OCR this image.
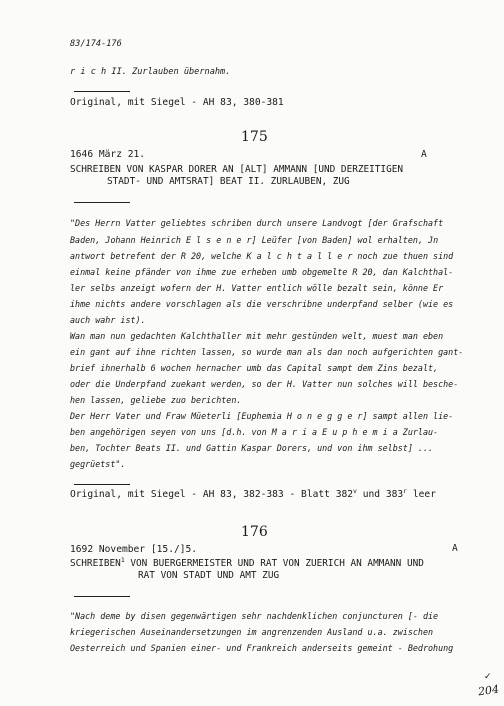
83/174-176
r i c h II. Zurlauben übernahm.
Original, mit Siegel - AH 83, 380-381
175
1646 März 21.	A
SCHREIBEN VON KASPAR DORER AN [ALT] AMMANN [UND DERZEITIGEN
STADT- UND AMTSRAT] BEAT II. ZURLAUBEN, ZUG
"Des Herrn Vatter geliebtes schriben durch unsere Landvogt [der Grafschaft
Baden, Johann Heinrich E l s e n e r] Leüfer [von Baden] wol erhalten, Jn
antwort betrefent der R 20, welche K a l c h t a l l e r noch zue thuen sind
einmal keine pfänder von ihme zue erheben umb obgemelte R 20, dan Kalchthal-
ler selbs anzeigt wofern der H. Vatter entlich wölle bezalt sein, könne Er
ihme nichts andere vorschlagen als die verschribne underpfand selber (wie es
auch wahr ist).
Wan man nun gedachten Kalchthaller mit mehr gestünden welt, muest man eben
ein gant auf ihne richten lassen, so wurde man als dan noch aufgerichten gant-
brief ihnerhalb 6 wochen hernacher umb das Capital sampt dem Zins bezalt,
oder die Underpfand zuekant werden, so der H. Vatter nun solches will besche-
hen lassen, geliebe zuo berichten.
Der Herr Vater und Fraw Müeterli [Euphemia H o n e g g e r] sampt allen lie-
ben angehörigen seyen von uns [d.h. von M a r i a E u p h e m i a Zurlau-
ben, Tochter Beats II. und Gattin Kaspar Dorers, und von ihm selbst] ...
gegrüetst".
Original, mit Siegel - AH 83, 382-383 - Blatt 382$^v$ und 383$^r$ leer
176
1692 November [15./]5.	A
SCHREIBEN$^1$ VON BUERGERMEISTER UND RAT VON ZUERICH AN AMMANN UND
RAT VON STADT UND AMT ZUG
"Nach deme by disen gegenwärtigen sehr nachdenklichen conjuncturen [- die
kriegerischen Auseinandersetzungen im angrenzenden Ausland u.a. zwischen
Oesterreich und Spanien einer- und Frankreich anderseits gemeint - Bedrohung
204
✓
